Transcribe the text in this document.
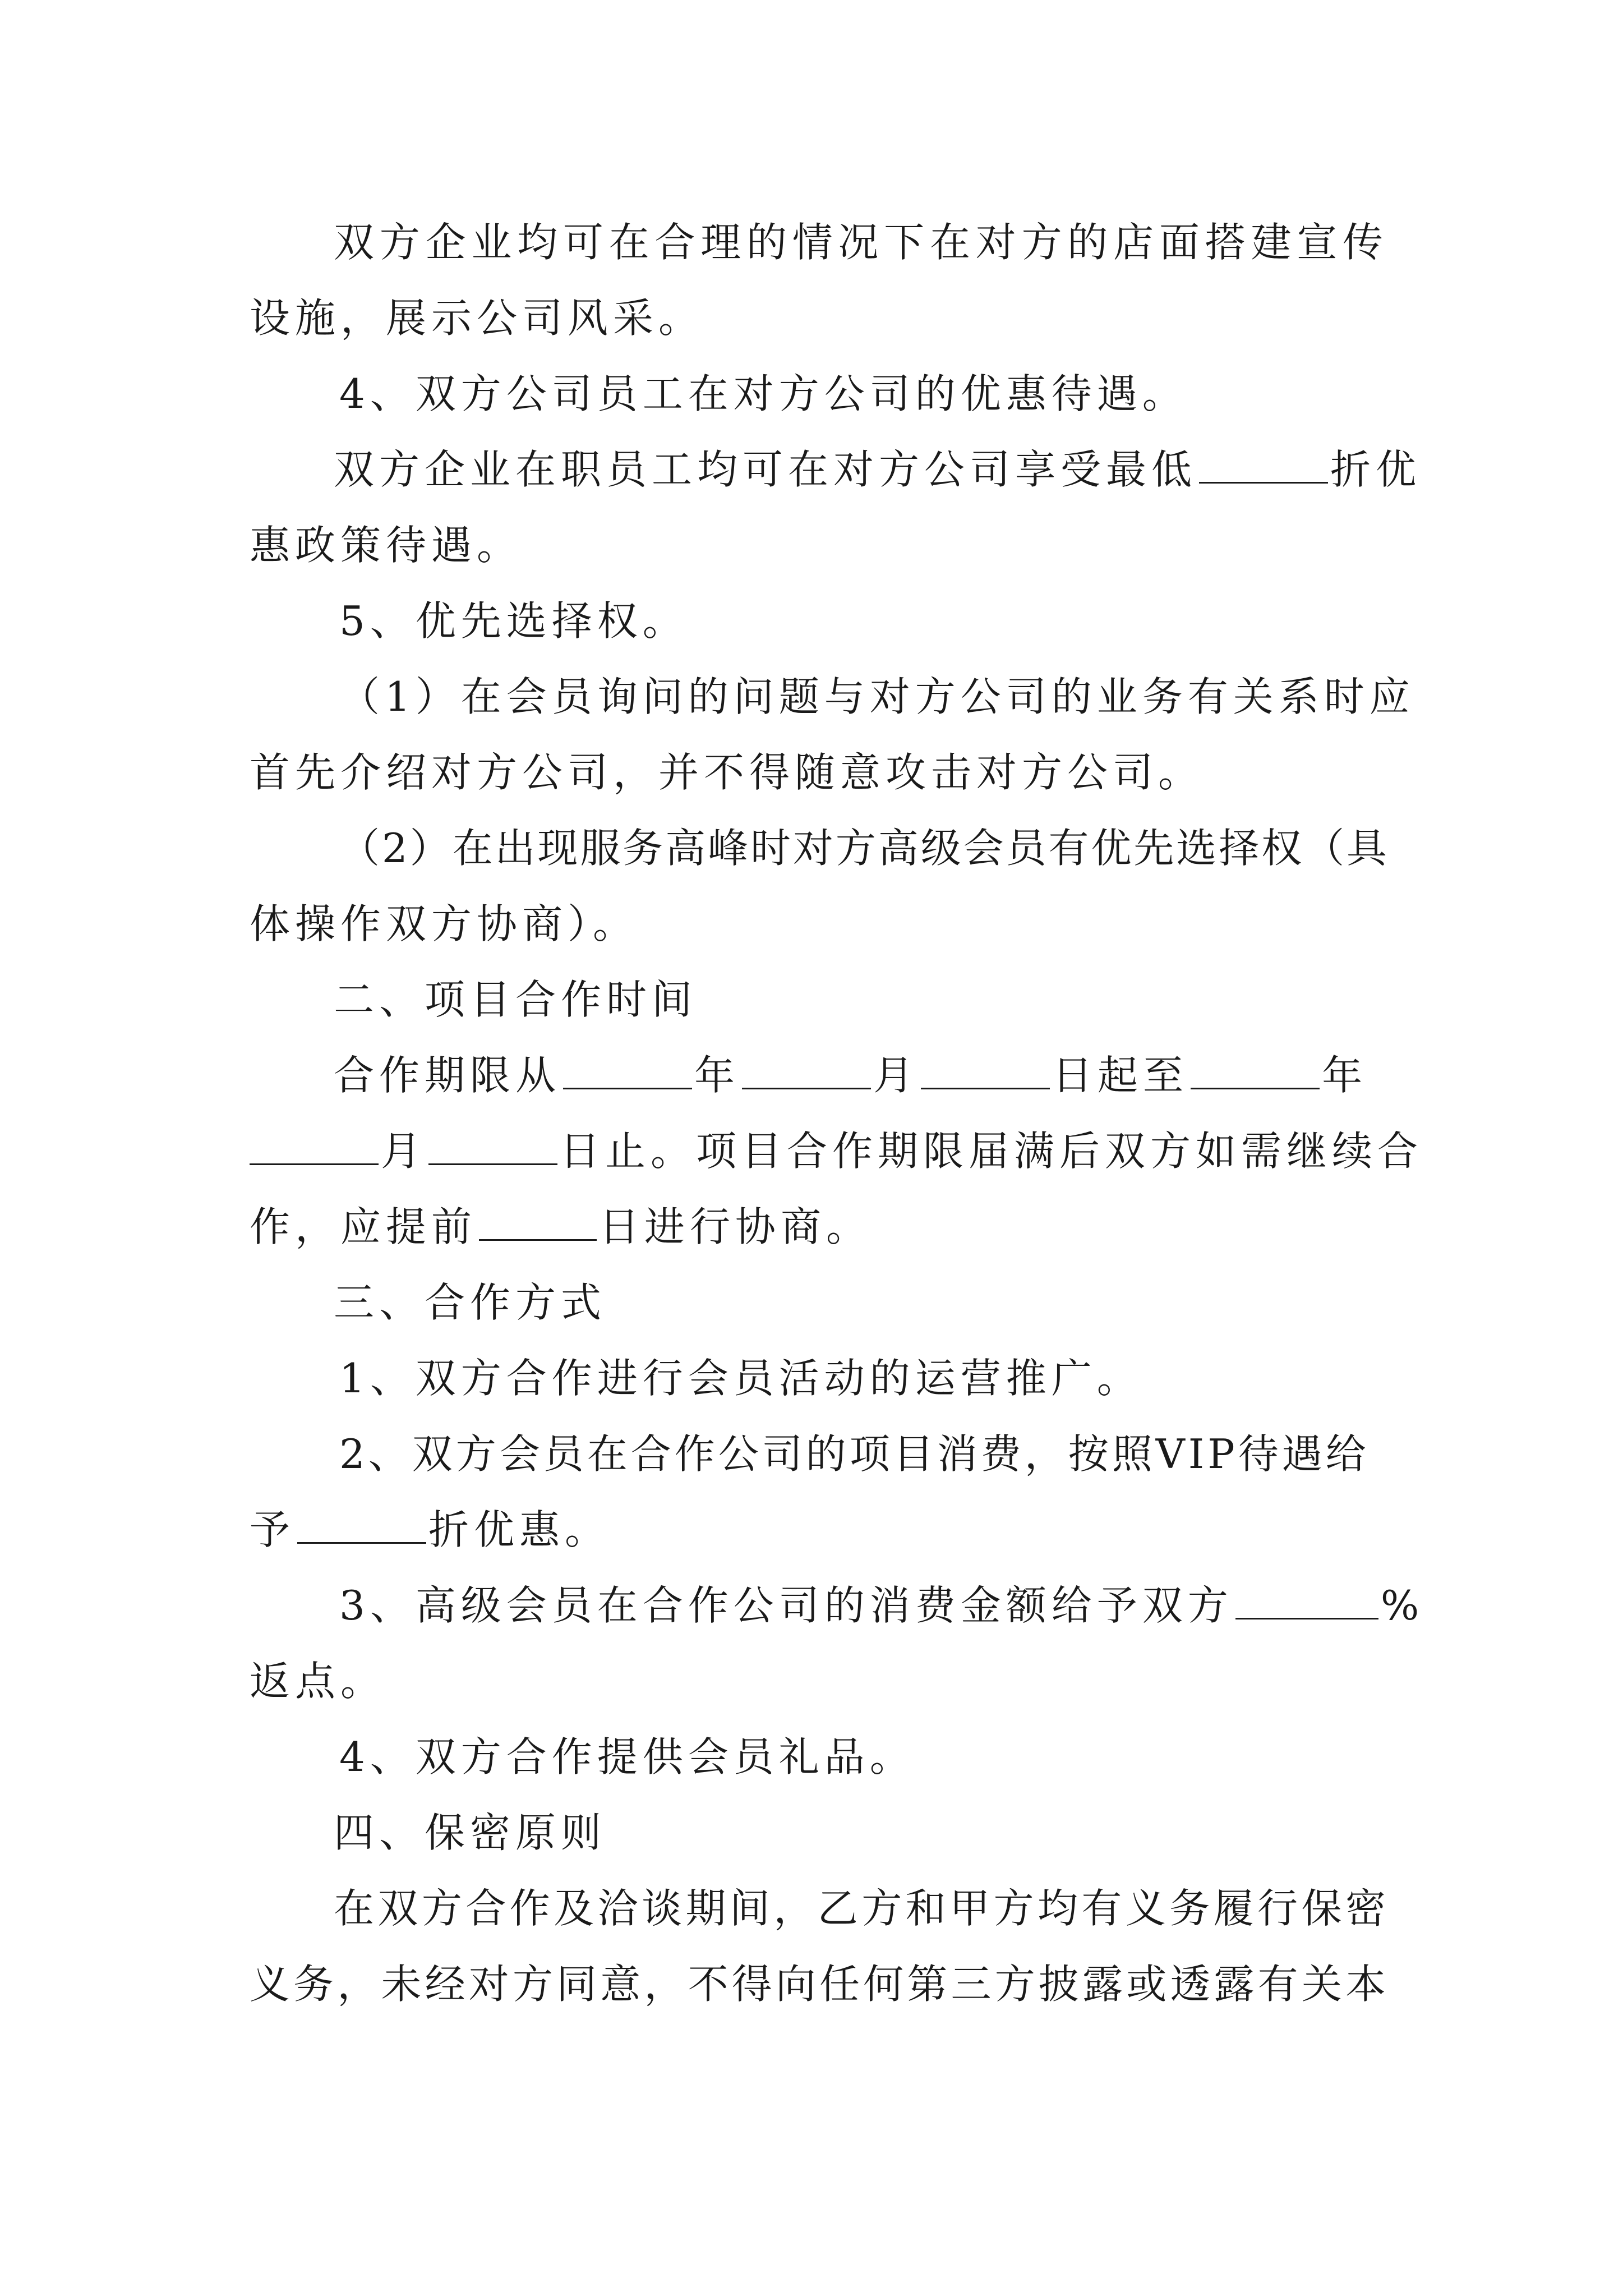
双方企业均可在合理的情况下在对方的店面搭建宣传
设施，展示公司风采。
4、双方公司员工在对方公司的优惠待遇。
双方企业在职员工均可在对方公司享受最低	折优
惠政策待遇。
5、优先选择权。
（1）在会员询问的问题与对方公司的业务有关系时应
首先介绍对方公司，并不得随意攻击对方公司。
（2）在出现服务高峰时对方高级会员有优先选择权（具
体操作双方协商）。
二、项目合作时间
合作期限从	年	月	日起至	年
月	日止。项目合作期限届满后双方如需继续合
作，应提前	日进行协商。
三、合作方式
1、双方合作进行会员活动的运营推广。
2、双方会员在合作公司的项目消费，按照VIP待遇给
予	折优惠。
3、高级会员在合作公司的消费金额给予双方	%
返点。
4、双方合作提供会员礼品。
四、保密原则
在双方合作及洽谈期间，乙方和甲方均有义务履行保密
义务，未经对方同意，不得向任何第三方披露或透露有关本
